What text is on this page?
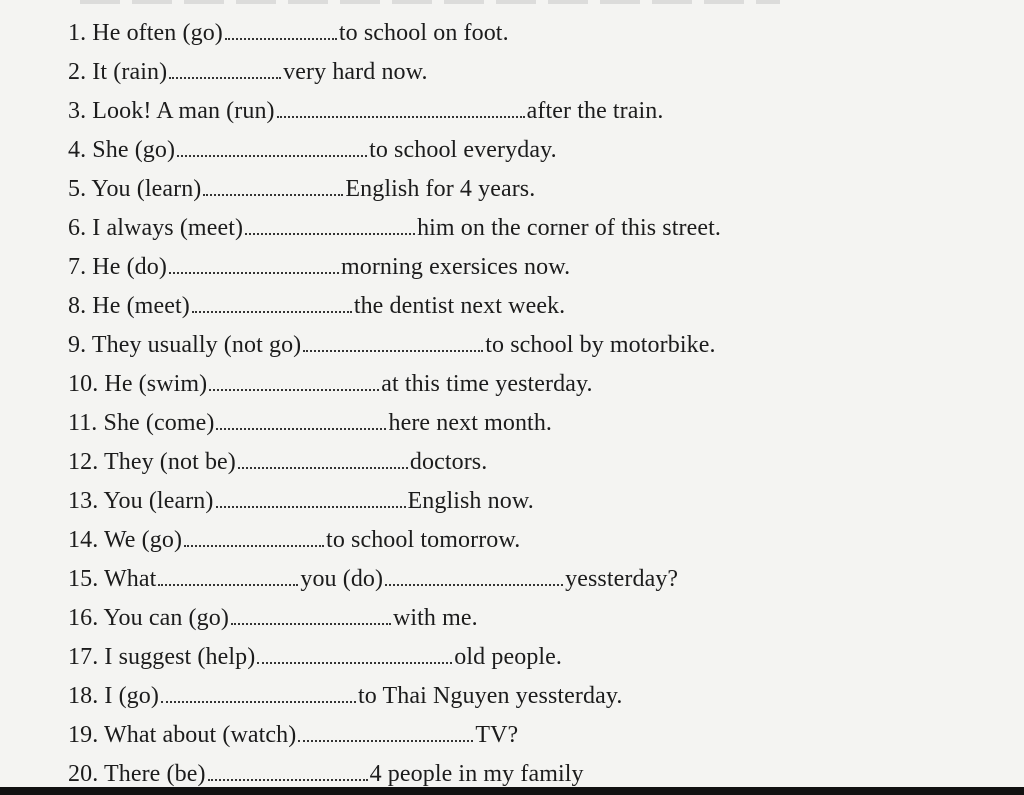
1. He often (go)	to school on foot.
2. It (rain)	very hard now.
3. Look! A man (run)	after the train.
4. She (go)	to school everyday.
5. You (learn)	English for 4 years.
6. I always (meet)	him on the corner of this street.
7. He (do)	morning exersices now.
8. He (meet)	the dentist next week.
9. They usually (not go)	to school by motorbike.
10. He (swim)	at this time yesterday.
11. She (come)	here next month.
12. They (not be)	doctors.
13. You (learn)	English now.
14. We (go)	to school tomorrow.
15. What	you (do)	yessterday?
16. You can (go)	with me.
17. I suggest (help)	old people.
18. I (go)	to Thai Nguyen yessterday.
19. What about (watch)	TV?
20. There (be)	4 people in my family
